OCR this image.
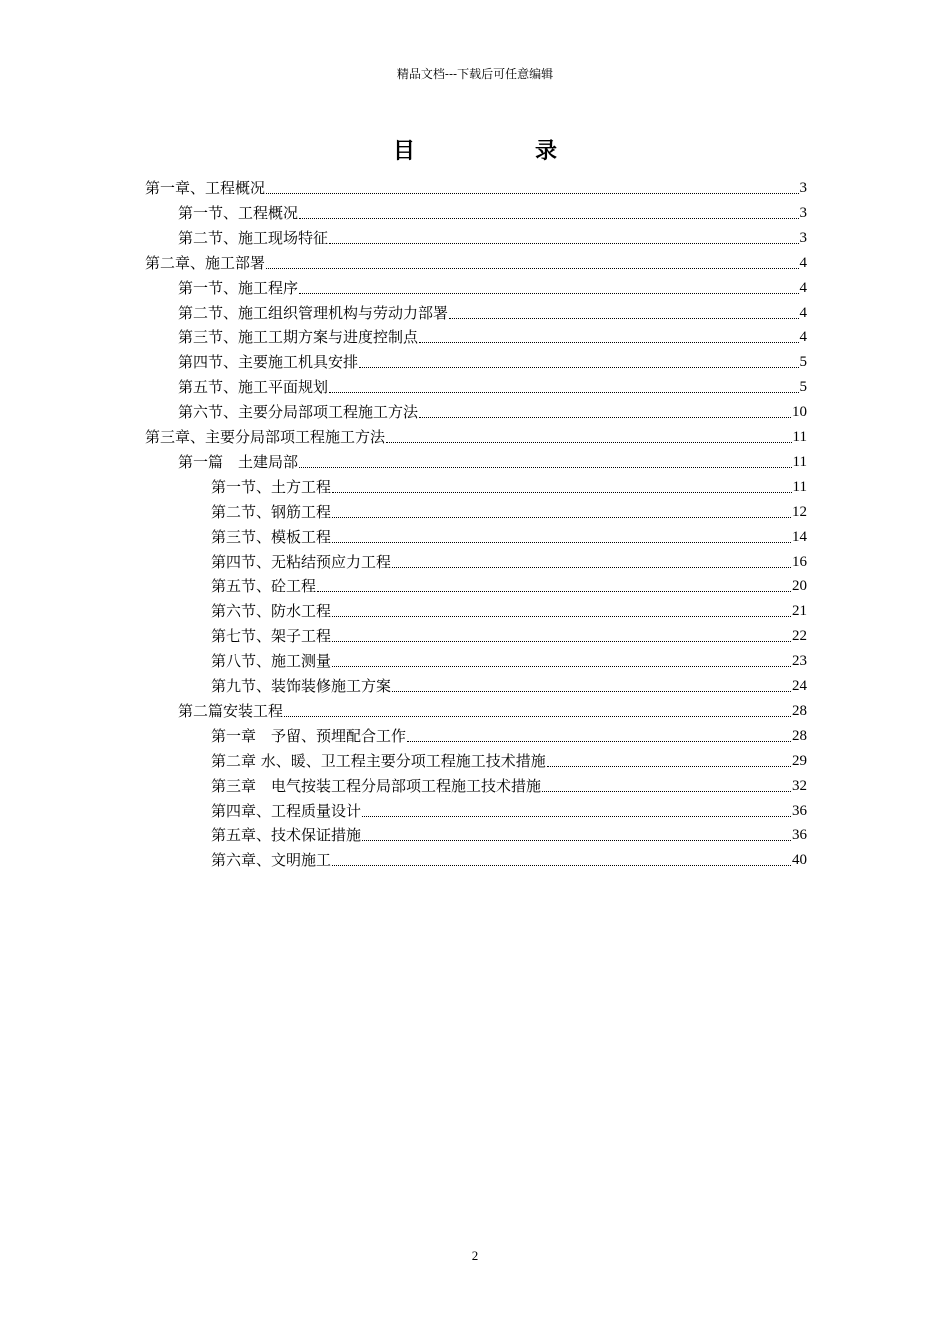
精品文档---下载后可任意编辑
目录
第一章、工程概况	3
第一节、工程概况	3
第二节、施工现场特征	3
第二章、施工部署	4
第一节、施工程序	4
第二节、施工组织管理机构与劳动力部署	4
第三节、施工工期方案与进度控制点	4
第四节、主要施工机具安排	5
第五节、施工平面规划	5
第六节、主要分局部项工程施工方法	10
第三章、主要分局部项工程施工方法	11
第一篇　土建局部	11
第一节、土方工程	11
第二节、钢筋工程	12
第三节、模板工程	14
第四节、无粘结预应力工程	16
第五节、砼工程	20
第六节、防水工程	21
第七节、架子工程	22
第八节、施工测量	23
第九节、装饰装修施工方案	24
第二篇安装工程	28
第一章　予留、预埋配合工作	28
第二章 水、暖、卫工程主要分项工程施工技术措施	29
第三章　电气按装工程分局部项工程施工技术措施	32
第四章、工程质量设计	36
第五章、技术保证措施	36
第六章、文明施工	40
2
